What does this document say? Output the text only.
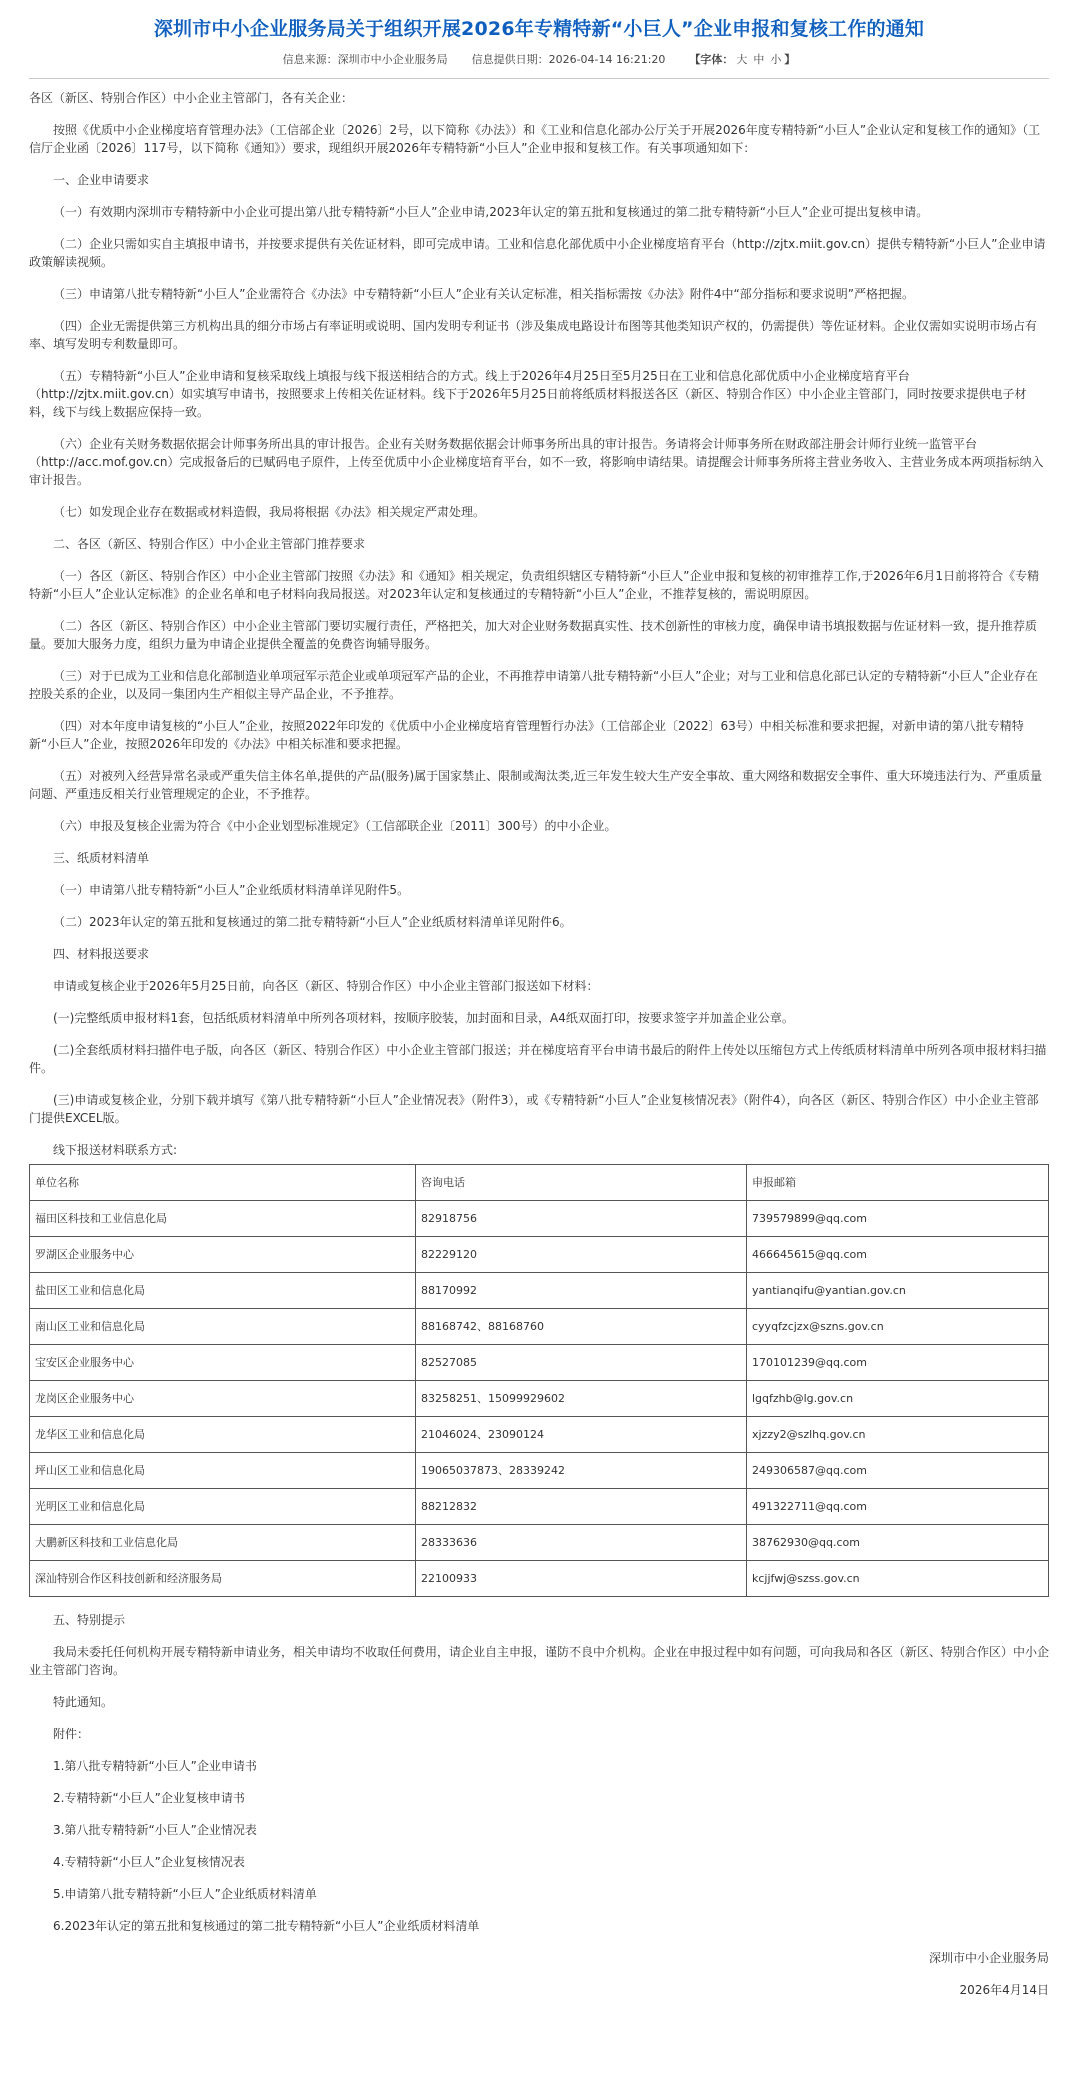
深圳市中小企业服务局关于组织开展2026年专精特新“小巨人”企业申报和复核工作的通知
信息来源：深圳市中小企业服务局 信息提供日期：2026-04-14 16:21:20 【字体： 大 中 小 】

各区（新区、特别合作区）中小企业主管部门，各有关企业：

按照《优质中小企业梯度培育管理办法》（工信部企业〔2026〕2号，以下简称《办法》）和《工业和信息化部办公厅关于开展2026年度专精特新“小巨人”企业认定和复核工作的通知》（工信厅企业函〔2026〕117号，以下简称《通知》）要求，现组织开展2026年专精特新“小巨人”企业申报和复核工作。有关事项通知如下：

一、企业申请要求

（一）有效期内深圳市专精特新中小企业可提出第八批专精特新“小巨人”企业申请,2023年认定的第五批和复核通过的第二批专精特新“小巨人”企业可提出复核申请。

（二）企业只需如实自主填报申请书，并按要求提供有关佐证材料，即可完成申请。工业和信息化部优质中小企业梯度培育平台（http://zjtx.miit.gov.cn）提供专精特新“小巨人”企业申请政策解读视频。

（三）申请第八批专精特新“小巨人”企业需符合《办法》中专精特新“小巨人”企业有关认定标准，相关指标需按《办法》附件4中“部分指标和要求说明”严格把握。

（四）企业无需提供第三方机构出具的细分市场占有率证明或说明、国内发明专利证书（涉及集成电路设计布图等其他类知识产权的，仍需提供）等佐证材料。企业仅需如实说明市场占有率、填写发明专利数量即可。

（五）专精特新“小巨人”企业申请和复核采取线上填报与线下报送相结合的方式。线上于2026年4月25日至5月25日在工业和信息化部优质中小企业梯度培育平台（http://zjtx.miit.gov.cn）如实填写申请书，按照要求上传相关佐证材料。线下于2026年5月25日前将纸质材料报送各区（新区、特别合作区）中小企业主管部门，同时按要求提供电子材料，线下与线上数据应保持一致。

（六）企业有关财务数据依据会计师事务所出具的审计报告。企业有关财务数据依据会计师事务所出具的审计报告。务请将会计师事务所在财政部注册会计师行业统一监管平台（http://acc.mof.gov.cn）完成报备后的已赋码电子原件，上传至优质中小企业梯度培育平台，如不一致，将影响申请结果。请提醒会计师事务所将主营业务收入、主营业务成本两项指标纳入审计报告。

（七）如发现企业存在数据或材料造假，我局将根据《办法》相关规定严肃处理。

二、各区（新区、特别合作区）中小企业主管部门推荐要求

（一）各区（新区、特别合作区）中小企业主管部门按照《办法》和《通知》相关规定，负责组织辖区专精特新“小巨人”企业申报和复核的初审推荐工作,于2026年6月1日前将符合《专精特新“小巨人”企业认定标准》的企业名单和电子材料向我局报送。对2023年认定和复核通过的专精特新“小巨人”企业，不推荐复核的，需说明原因。

（二）各区（新区、特别合作区）中小企业主管部门要切实履行责任，严格把关，加大对企业财务数据真实性、技术创新性的审核力度，确保申请书填报数据与佐证材料一致，提升推荐质量。要加大服务力度，组织力量为申请企业提供全覆盖的免费咨询辅导服务。

（三）对于已成为工业和信息化部制造业单项冠军示范企业或单项冠军产品的企业，不再推荐申请第八批专精特新“小巨人”企业；对与工业和信息化部已认定的专精特新“小巨人”企业存在控股关系的企业，以及同一集团内生产相似主导产品企业，不予推荐。

（四）对本年度申请复核的“小巨人”企业，按照2022年印发的《优质中小企业梯度培育管理暂行办法》（工信部企业〔2022〕63号）中相关标准和要求把握，对新申请的第八批专精特新“小巨人”企业，按照2026年印发的《办法》中相关标准和要求把握。

（五）对被列入经营异常名录或严重失信主体名单,提供的产品(服务)属于国家禁止、限制或淘汰类,近三年发生较大生产安全事故、重大网络和数据安全事件、重大环境违法行为、严重质量问题、严重违反相关行业管理规定的企业，不予推荐。

（六）申报及复核企业需为符合《中小企业划型标准规定》（工信部联企业〔2011〕300号）的中小企业。

三、纸质材料清单

（一）申请第八批专精特新“小巨人”企业纸质材料清单详见附件5。

（二）2023年认定的第五批和复核通过的第二批专精特新“小巨人”企业纸质材料清单详见附件6。

四、材料报送要求

申请或复核企业于2026年5月25日前，向各区（新区、特别合作区）中小企业主管部门报送如下材料：

(一)完整纸质申报材料1套，包括纸质材料清单中所列各项材料，按顺序胶装，加封面和目录，A4纸双面打印，按要求签字并加盖企业公章。

(二)全套纸质材料扫描件电子版，向各区（新区、特别合作区）中小企业主管部门报送；并在梯度培育平台申请书最后的附件上传处以压缩包方式上传纸质材料清单中所列各项申报材料扫描件。

(三)申请或复核企业，分别下载并填写《第八批专精特新“小巨人”企业情况表》（附件3），或《专精特新“小巨人”企业复核情况表》（附件4），向各区（新区、特别合作区）中小企业主管部门提供EXCEL版。

线下报送材料联系方式:

单位名称	咨询电话	申报邮箱
福田区科技和工业信息化局	82918756	739579899@qq.com
罗湖区企业服务中心	82229120	466645615@qq.com
盐田区工业和信息化局	88170992	yantianqifu@yantian.gov.cn
南山区工业和信息化局	88168742、88168760	cyyqfzcjzx@szns.gov.cn
宝安区企业服务中心	82527085	170101239@qq.com
龙岗区企业服务中心	83258251、15099929602	lgqfzhb@lg.gov.cn
龙华区工业和信息化局	21046024、23090124	xjzzy2@szlhq.gov.cn
坪山区工业和信息化局	19065037873、28339242	249306587@qq.com
光明区工业和信息化局	88212832	491322711@qq.com
大鹏新区科技和工业信息化局	28333636	38762930@qq.com
深汕特别合作区科技创新和经济服务局	22100933	kcjjfwj@szss.gov.cn

五、特别提示

我局未委托任何机构开展专精特新申请业务，相关申请均不收取任何费用，请企业自主申报，谨防不良中介机构。企业在申报过程中如有问题，可向我局和各区（新区、特别合作区）中小企业主管部门咨询。

特此通知。

附件：

1.第八批专精特新“小巨人”企业申请书

2.专精特新“小巨人”企业复核申请书

3.第八批专精特新“小巨人”企业情况表

4.专精特新“小巨人”企业复核情况表

5.申请第八批专精特新“小巨人”企业纸质材料清单

6.2023年认定的第五批和复核通过的第二批专精特新“小巨人”企业纸质材料清单

深圳市中小企业服务局

2026年4月14日
